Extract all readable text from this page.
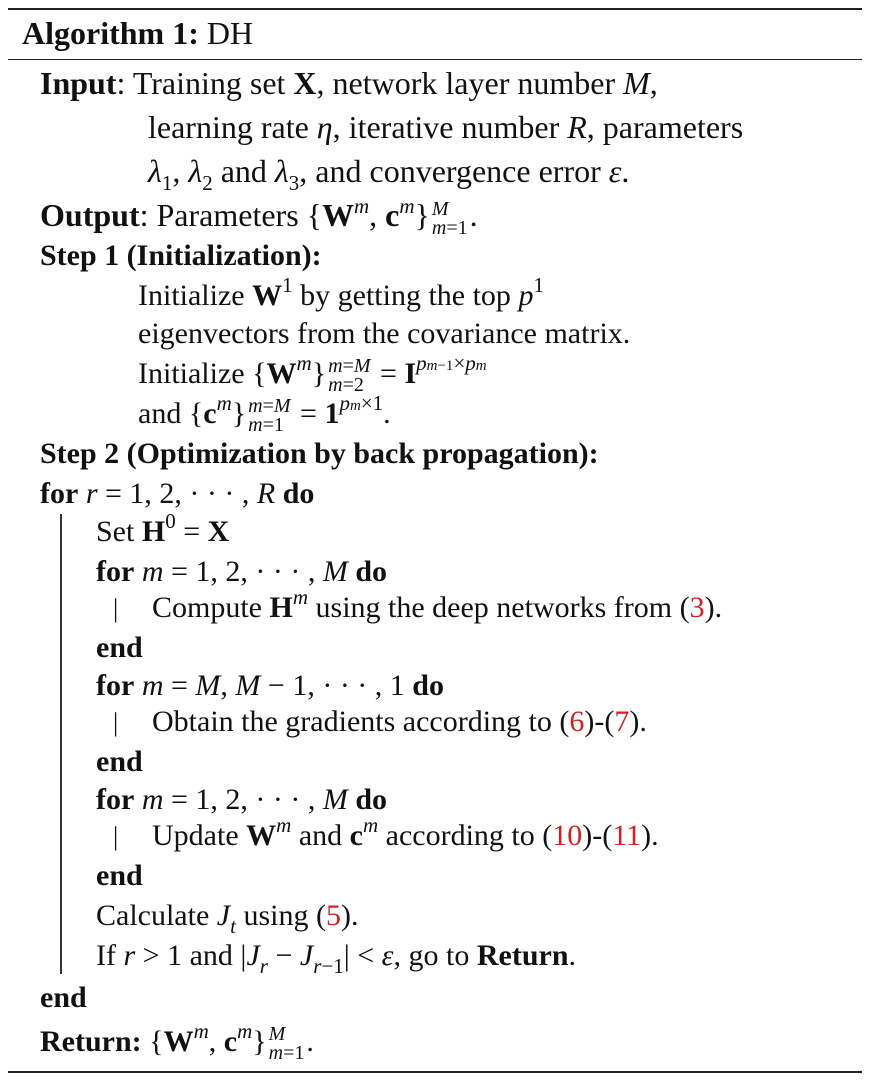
Algorithm 1: DH
Input: Training set X, network layer number M,
learning rate η, iterative number R, parameters
$\lambda_1$, $\lambda_2$ and $\lambda_3$, and convergence error ε.
Output: Parameters {$W^m$, $c^m$} M
m=1 .
Step 1 (Initialization):
Initialize $W^1$ by getting the top $p^1$
eigenvectors from the covariance matrix.
Initialize $\{W^m\}$ m=M
$m=2 = I^{pm-1\times pm}$
and $\{c^m\}$ m=M
$m=1 = 1^{pm\times 1}$.
Step 2 (Optimization by back propagation):
for r = 1, 2, · · · , R do
Set $H^0 = X$
for m = 1, 2, · · · , M do
| Compute $H^m$ using the deep networks from (3).
end
for m = M, M − 1, · · · , 1 do
| Obtain the gradients according to (6)-(7).
end
for m = 1, 2, · · · , M do
| Update $W^m$ and $c^m$ according to (10)-(11).
end
Calculate $J_t$ using (5).
If r > 1 and $|J_r - J_{r-1}| < \varepsilon$, go to Return.
end
Return: {$W^m$, $c^m$} M
m=1 .
